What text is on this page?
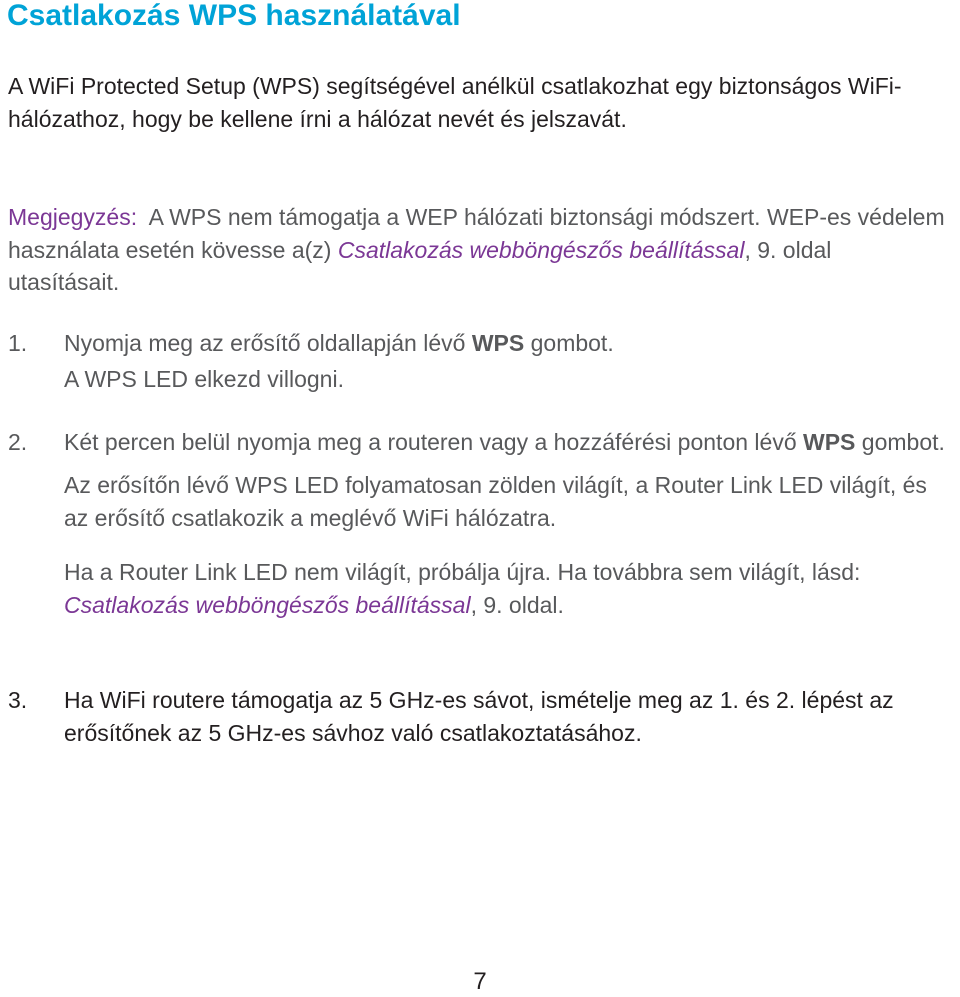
Csatlakozás WPS használatával

A WiFi Protected Setup (WPS) segítségével anélkül csatlakozhat egy biztonságos WiFi-hálózathoz, hogy be kellene írni a hálózat nevét és jelszavát.

Megjegyzés: A WPS nem támogatja a WEP hálózati biztonsági módszert. WEP-es védelem használata esetén kövesse a(z) Csatlakozás webböngészős beállítással, 9. oldal utasításait.

1. Nyomja meg az erősítő oldallapján lévő WPS gombot.

A WPS LED elkezd villogni.

2. Két percen belül nyomja meg a routeren vagy a hozzáférési ponton lévő WPS gombot.

Az erősítőn lévő WPS LED folyamatosan zölden világít, a Router Link LED világít, és az erősítő csatlakozik a meglévő WiFi hálózatra.

Ha a Router Link LED nem világít, próbálja újra. Ha továbbra sem világít, lásd: Csatlakozás webböngészős beállítással, 9. oldal.

3. Ha WiFi routere támogatja az 5 GHz-es sávot, ismételje meg az 1. és 2. lépést az erősítőnek az 5 GHz-es sávhoz való csatlakoztatásához.

7
